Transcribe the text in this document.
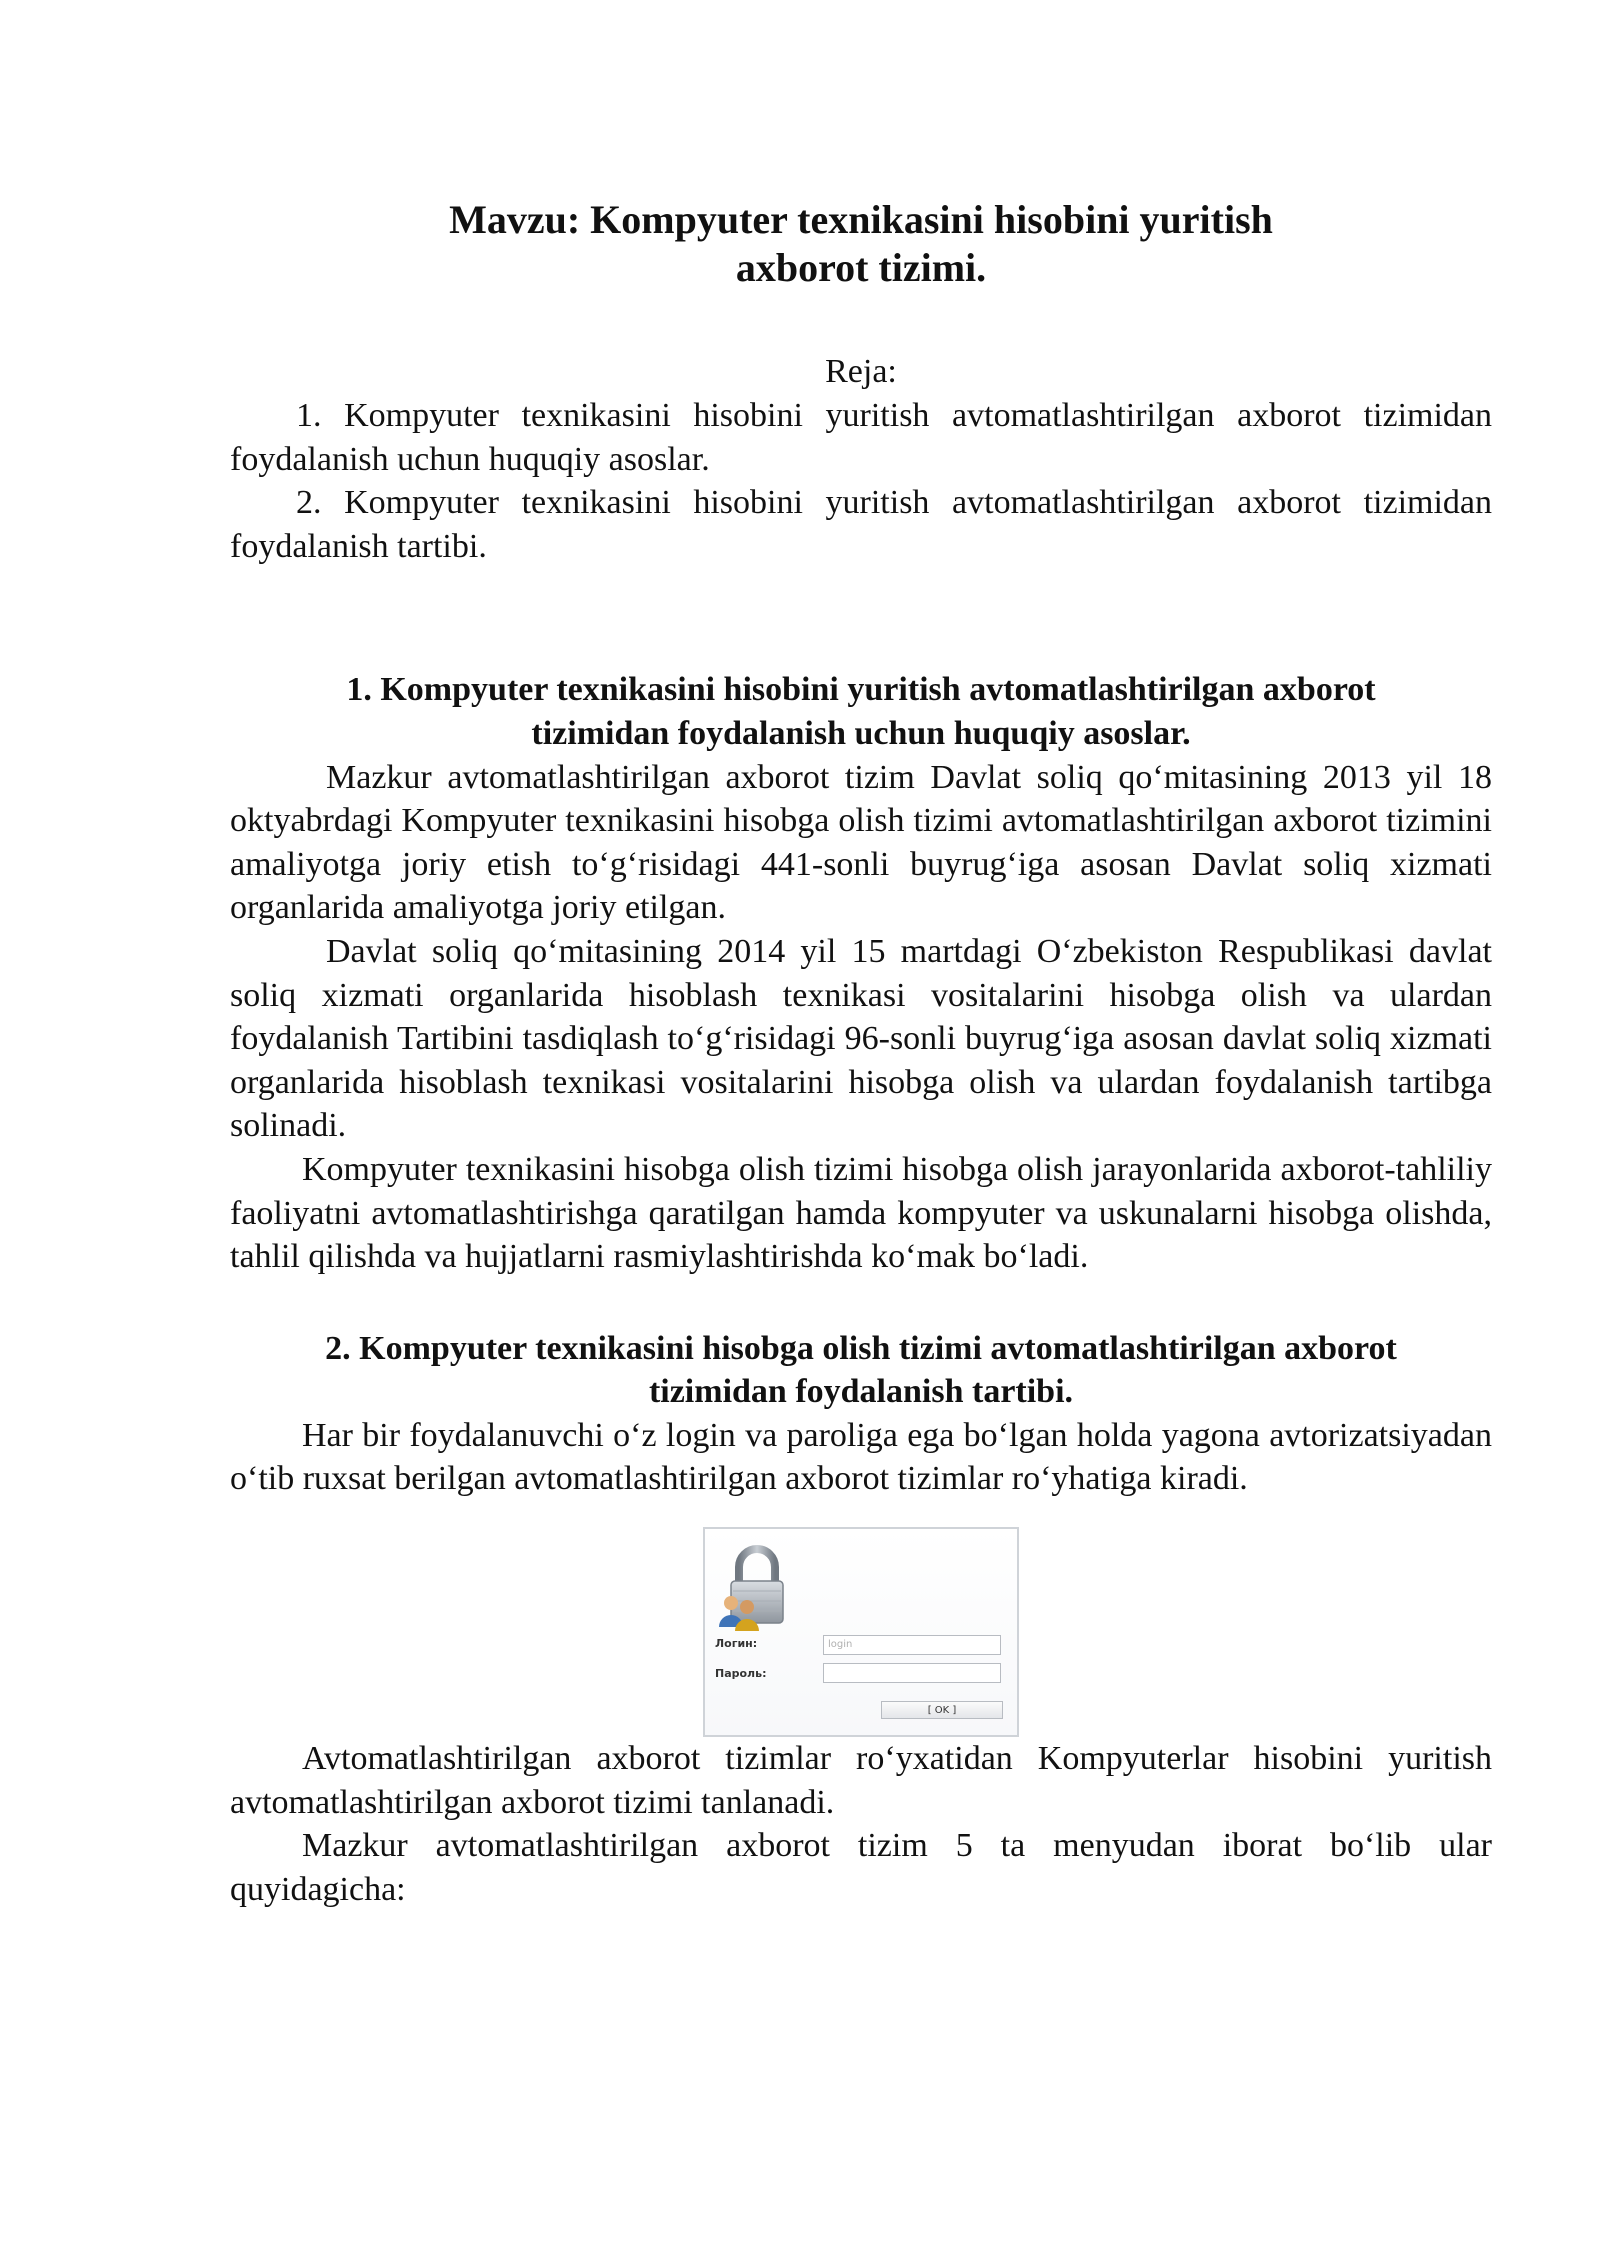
Mavzu: Kompyuter texnikasini hisobini yuritish
axborot tizimi.

Reja:

1. Kompyuter texnikasini hisobini yuritish avtomatlashtirilgan axborot tizimidan foydalanish uchun huquqiy asoslar.

2. Kompyuter texnikasini hisobini yuritish avtomatlashtirilgan axborot tizimidan foydalanish tartibi.

1. Kompyuter texnikasini hisobini yuritish avtomatlashtirilgan axborot
tizimidan foydalanish uchun huquqiy asoslar.

Mazkur avtomatlashtirilgan axborot tizim Davlat soliq qoʻmitasining 2013 yil 18 oktyabrdagi Kompyuter texnikasini hisobga olish tizimi avtomatlashtirilgan axborot tizimini amaliyotga joriy etish toʻgʻrisidagi 441-sonli buyrugʻiga asosan Davlat soliq xizmati organlarida amaliyotga joriy etilgan.

Davlat soliq qoʻmitasining 2014 yil 15 martdagi Oʻzbekiston Respublikasi davlat soliq xizmati organlarida hisoblash texnikasi vositalarini hisobga olish va ulardan foydalanish Tartibini tasdiqlash toʻgʻrisidagi 96-sonli buyrugʻiga asosan davlat soliq xizmati organlarida hisoblash texnikasi vositalarini hisobga olish va ulardan foydalanish tartibga solinadi.

Kompyuter texnikasini hisobga olish tizimi hisobga olish jarayonlarida axborot-tahliliy faoliyatni avtomatlashtirishga qaratilgan hamda kompyuter va uskunalarni hisobga olishda, tahlil qilishda va hujjatlarni rasmiylashtirishda koʻmak boʻladi.

2. Kompyuter texnikasini hisobga olish tizimi avtomatlashtirilgan axborot
tizimidan foydalanish tartibi.

Har bir foydalanuvchi oʻz login va paroliga ega boʻlgan holda yagona avtorizatsiyadan oʻtib ruxsat berilgan avtomatlashtirilgan axborot tizimlar roʻyhatiga kiradi.

Логин:	login
Пароль:
[ OK ]

Avtomatlashtirilgan axborot tizimlar roʻyxatidan Kompyuterlar hisobini yuritish avtomatlashtirilgan axborot tizimi tanlanadi.

Mazkur avtomatlashtirilgan axborot tizim 5 ta menyudan iborat boʻlib ular quyidagicha:
